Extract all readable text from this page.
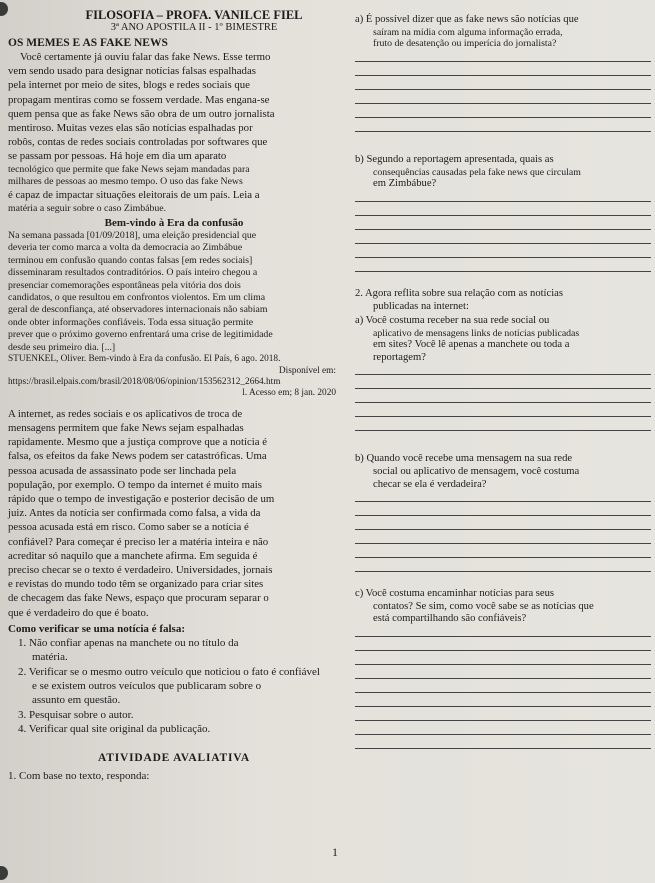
FILOSOFIA – PROFA. VANILCE FIEL
3ª ANO APOSTILA II - 1º BIMESTRE
OS MEMES E AS FAKE NEWS

Você certamente já ouviu falar das fake News. Esse termo

vem sendo usado para designar notícias falsas espalhadas

pela internet por meio de sites, blogs e redes sociais que

propagam mentiras como se fossem verdade. Mas engana-se

quem pensa que as fake News são obra de um outro jornalista

mentiroso. Muitas vezes elas são notícias espalhadas por

robôs, contas de redes sociais controladas por softwares que

se passam por pessoas. Há hoje em dia um aparato

tecnológico que permite que fake News sejam mandadas para

milhares de pessoas ao mesmo tempo. O uso das fake News

é capaz de impactar situações eleitorais de um país. Leia a

matéria a seguir sobre o caso Zimbábue.

Bem-vindo à Era da confusão

Na semana passada [01/09/2018], uma eleição presidencial que

deveria ter como marca a volta da democracia ao Zimbábue

terminou em confusão quando contas falsas [em redes sociais]

disseminaram resultados contraditórios. O país inteiro chegou a

presenciar comemorações espontâneas pela vitória dos dois

candidatos, o que resultou em confrontos violentos. Em um clima

geral de desconfiança, até observadores internacionais não sabiam

onde obter informações confiáveis. Toda essa situação permite

prever que o próximo governo enfrentará uma crise de legitimidade

desde seu primeiro dia. [...]

STUENKEL, Oliver. Bem-vindo à Era da confusão. El País, 6 ago. 2018.
Disponível em:
https://brasil.elpais.com/brasil/2018/08/06/opinion/153562312_2664.htm
l. Acesso em; 8 jan. 2020

A internet, as redes sociais e os aplicativos de troca de

mensagens permitem que fake News sejam espalhadas

rapidamente. Mesmo que a justiça comprove que a notícia é

falsa, os efeitos da fake News podem ser catastróficas. Uma

pessoa acusada de assassinato pode ser linchada pela

população, por exemplo. O tempo da internet é muito mais

rápido que o tempo de investigação e posterior decisão de um

juiz. Antes da notícia ser confirmada como falsa, a vida da

pessoa acusada está em risco. Como saber se a notícia é

confiável? Para começar é preciso ler a matéria inteira e não

acreditar só naquilo que a manchete afirma. Em seguida é

preciso checar se o texto é verdadeiro. Universidades, jornais

e revistas do mundo todo têm se organizado para criar sites

de checagem das fake News, espaço que procuram separar o

que é verdadeiro do que é boato.

Como verificar se uma notícia é falsa:
1. Não confiar apenas na manchete ou no título da
matéria.
2. Verificar se o mesmo outro veículo que noticiou o fato é confiável
e se existem outros veículos que publicaram sobre o
assunto em questão.
3. Pesquisar sobre o autor.
4. Verificar qual site original da publicação.
ATIVIDADE AVALIATIVA
1. Com base no texto, responda:
a) É possível dizer que as fake news são notícias que
saíram na mídia com alguma informação errada,
fruto de desatenção ou imperícia do jornalista?
b) Segundo a reportagem apresentada, quais as
consequências causadas pela fake news que circulam
em Zimbábue?
2. Agora reflita sobre sua relação com as notícias
publicadas na internet:
a) Você costuma receber na sua rede social ou
aplicativo de mensagens links de notícias publicadas
em sites? Você lê apenas a manchete ou toda a
reportagem?
b) Quando você recebe uma mensagem na sua rede
social ou aplicativo de mensagem, você costuma
checar se ela é verdadeira?
c) Você costuma encaminhar notícias para seus
contatos? Se sim, como você sabe se as notícias que
está compartilhando são confiáveis?
1
